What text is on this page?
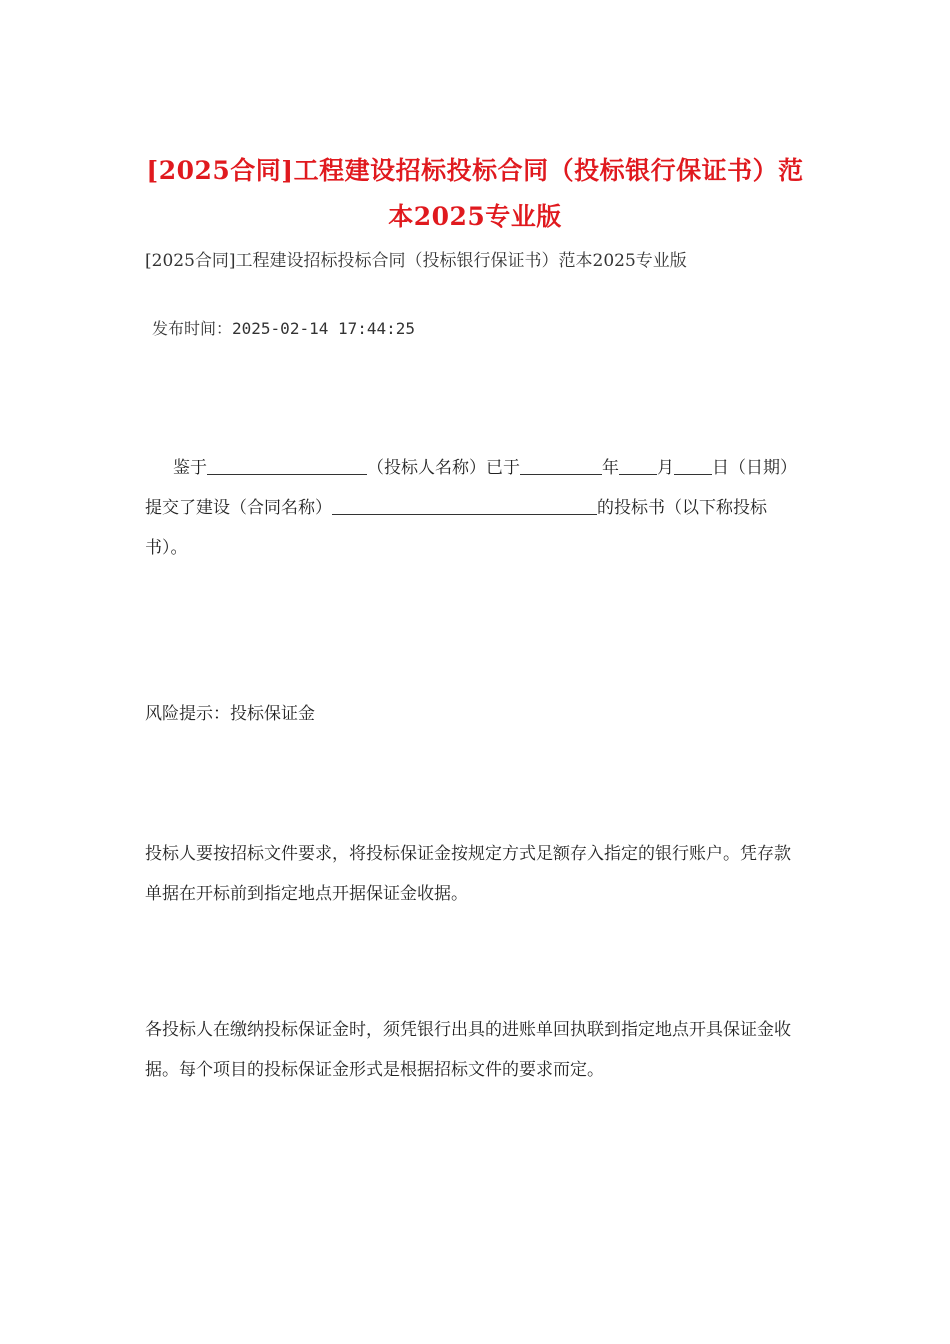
[2025合同]工程建设招标投标合同（投标银行保证书）范本2025专业版
[2025合同]工程建设招标投标合同（投标银行保证书）范本2025专业版
发布时间：2025-02-14 17:44:25
鉴于	（投标人名称）已于	年 月 日（日期）提交了建设（合同名称）	的投标书（以下称投标书）。
风险提示：投标保证金
投标人要按招标文件要求，将投标保证金按规定方式足额存入指定的银行账户。凭存款单据在开标前到指定地点开据保证金收据。
各投标人在缴纳投标保证金时，须凭银行出具的进账单回执联到指定地点开具保证金收据。每个项目的投标保证金形式是根据招标文件的要求而定。
